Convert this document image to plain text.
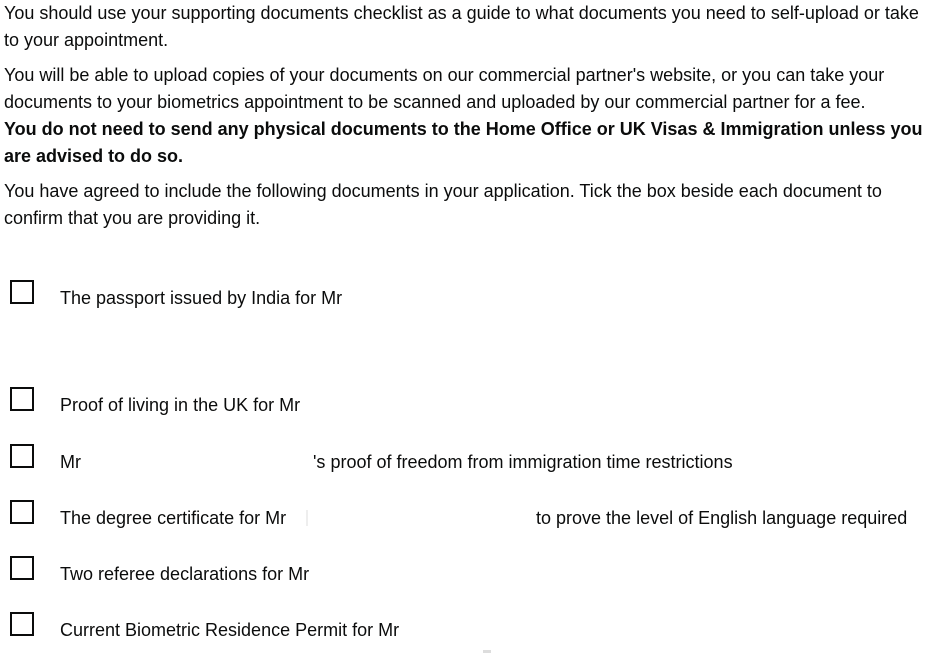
You should use your supporting documents checklist as a guide to what documents you need to self-upload or take to your appointment.

You will be able to upload copies of your documents on our commercial partner's website, or you can take your documents to your biometrics appointment to be scanned and uploaded by our commercial partner for a fee.

You do not need to send any physical documents to the Home Office or UK Visas & Immigration unless you are advised to do so.

You have agreed to include the following documents in your application. Tick the box beside each document to confirm that you are providing it.

The passport issued by India for Mr
Proof of living in the UK for Mr
Mr	's proof of freedom from immigration time restrictions
The degree certificate for Mr	to prove the level of English language required
Two referee declarations for Mr
Current Biometric Residence Permit for Mr
